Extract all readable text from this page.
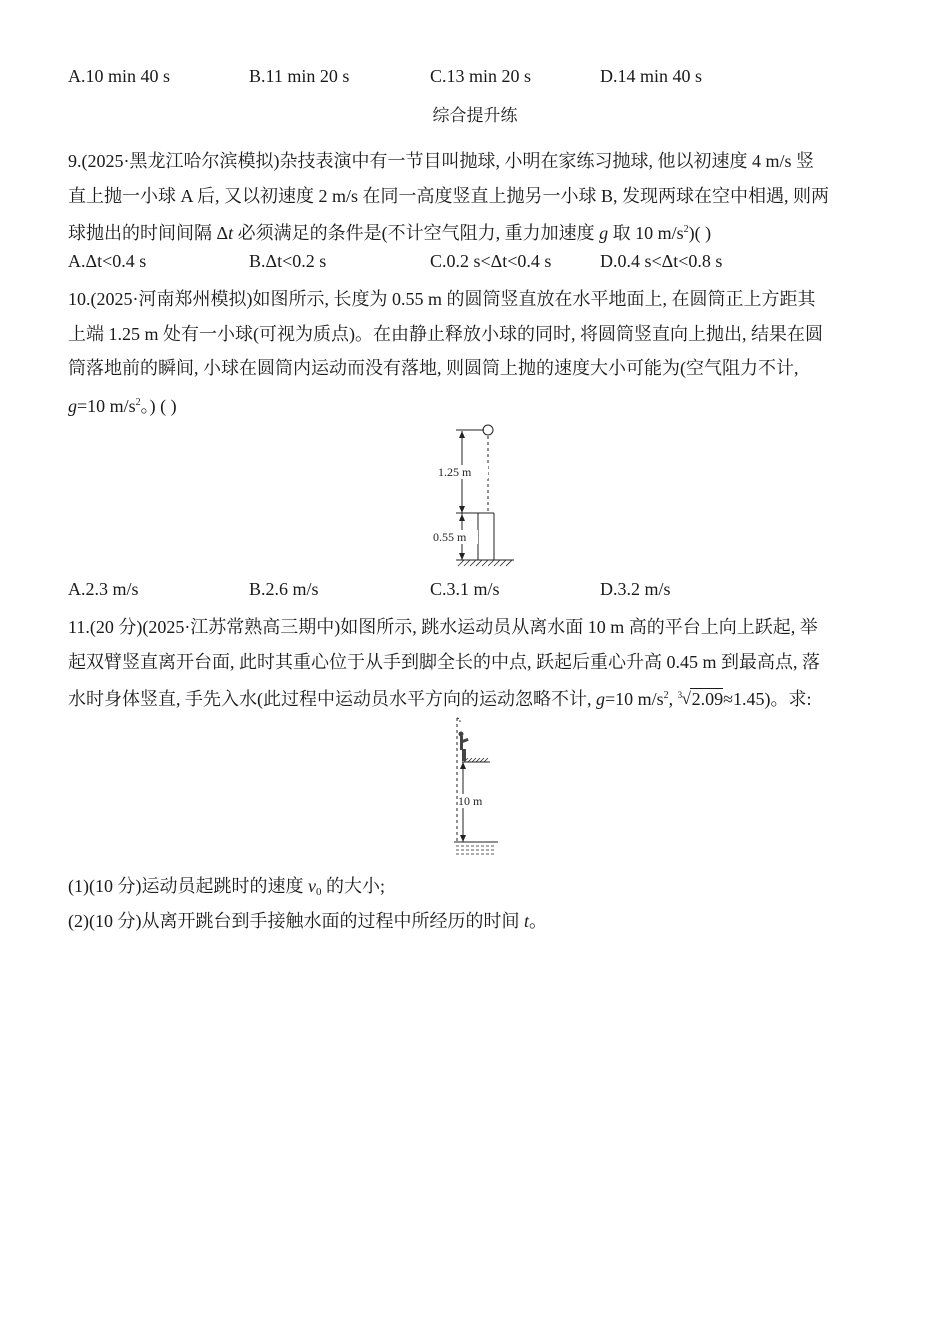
A.10 min 40 s	B.11 min 20 s	C.13 min 20 s	D.14 min 40 s
综合提升练
9.(2025·黑龙江哈尔滨模拟)杂技表演中有一节目叫抛球, 小明在家练习抛球, 他以初速度 4 m/s 竖
直上抛一小球 A 后, 又以初速度 2 m/s 在同一高度竖直上抛另一小球 B, 发现两球在空中相遇, 则两
球抛出的时间间隔 Δt 必须满足的条件是(不计空气阻力, 重力加速度 g 取 10 $m/s^2$)( )
A.Δt<0.4 s	B.Δt<0.2 s	C.0.2 s<Δt<0.4 s	D.0.4 s<Δt<0.8 s
10.(2025·河南郑州模拟)如图所示, 长度为 0.55 m 的圆筒竖直放在水平地面上, 在圆筒正上方距其
上端 1.25 m 处有一小球(可视为质点)。在由静止释放小球的同时, 将圆筒竖直向上抛出, 结果在圆
筒落地前的瞬间, 小球在圆筒内运动而没有落地, 则圆筒上抛的速度大小可能为(空气阻力不计,
g=10 $m/s^2$。) ( )
1.25 m
0.55 m
A.2.3 m/s	B.2.6 m/s	C.3.1 m/s	D.3.2 m/s
11.(20 分)(2025·江苏常熟高三期中)如图所示, 跳水运动员从离水面 10 m 高的平台上向上跃起, 举
起双臂竖直离开台面, 此时其重心位于从手到脚全长的中点, 跃起后重心升高 0.45 m 到最高点, 落
水时身体竖直, 手先入水(此过程中运动员水平方向的运动忽略不计, g=10 $m/s^2$, 3 √ 2.09≈1.45)。求:
10 m
(1)(10 分)运动员起跳时的速度 $v_0$ 的大小;
(2)(10 分)从离开跳台到手接触水面的过程中所经历的时间 t。
